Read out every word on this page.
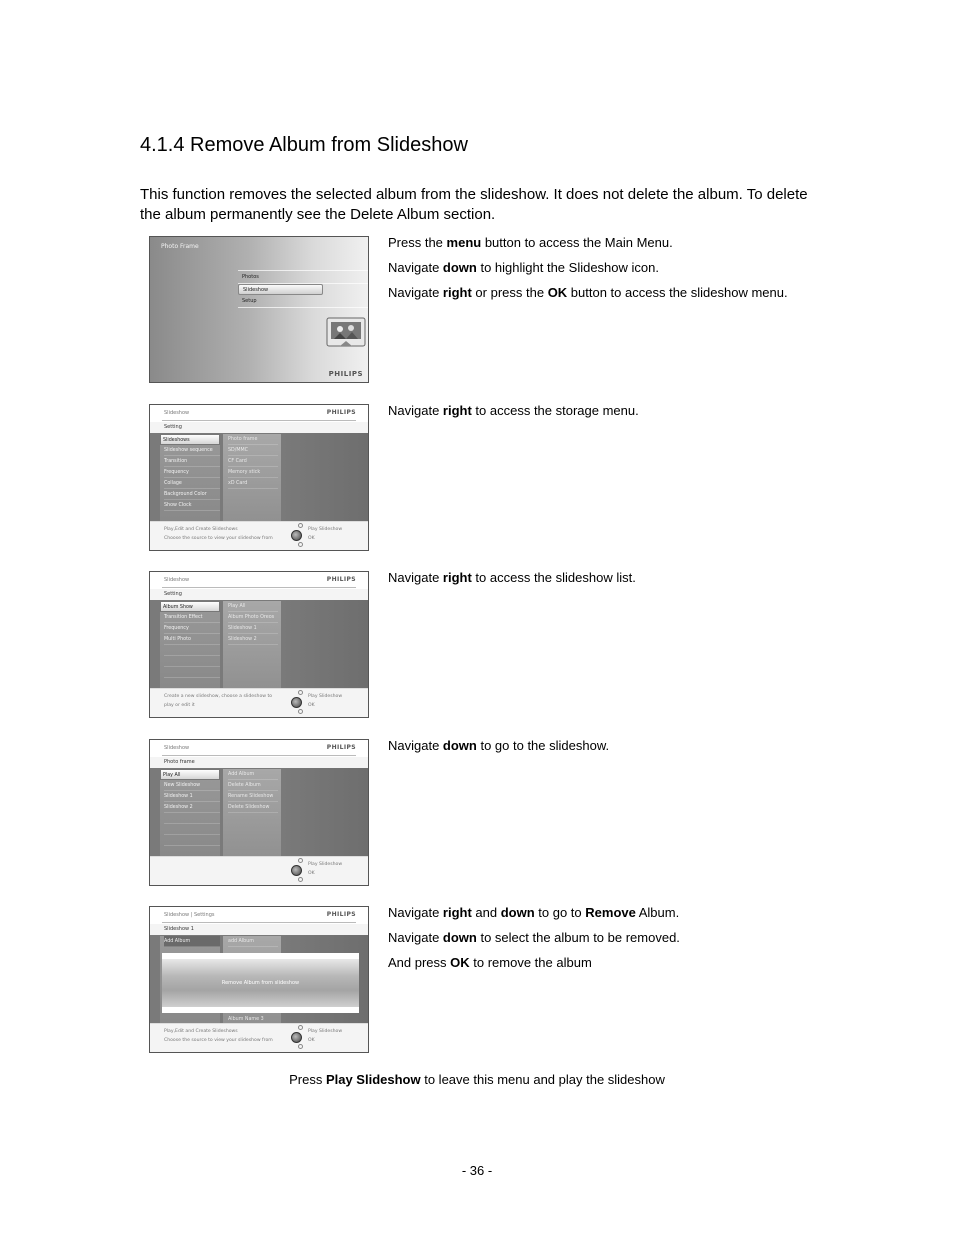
4.1.4 Remove Album from Slideshow

This function removes the selected album from the slideshow. It does not delete the album. To delete the album permanently see the Delete Album section.

Photo Frame
Photos
Slideshow
Setup
PHILIPS
Slideshow	PHILIPS
Setting
Slideshows
Slideshow sequence
Transition
Frequency
Collage
Background Color
Show Clock
Photo frame
SD/MMC
CF Card
Memory stick
xD Card
Play,Edit and Create Slideshows
Choose the source to view your slideshow from
Play Slideshow
OK
Slideshow	PHILIPS
Setting
Album Show
Transition Effect
Frequency
Multi Photo
Play All
Album Photo Oreos
Slideshow 1
Slideshow 2
Create a new slideshow, choose a slideshow to
play or edit it
Play Slideshow
OK
Slideshow	PHILIPS
Photo frame
Play All
New Slideshow
Slideshow 1
Slideshow 2
Add Album
Delete Album
Rename Slideshow
Delete Slideshow
Play Slideshow
OK
Slideshow | Settings	PHILIPS
Slideshow 1
Add Album	add Album
Album Name 3
Remove Album from slideshow
Play,Edit and Create Slideshows
Choose the source to view your slideshow from
Play Slideshow
OK

Press the menu button to access the Main Menu.

Navigate down to highlight the Slideshow icon.

Navigate right or press the OK button to access the slideshow menu.

Navigate right to access the storage menu.

Navigate right to access the slideshow list.

Navigate down to go to the slideshow.

Navigate right and down to go to Remove Album.

Navigate down to select the album to be removed.

And press OK to remove the album

Press Play Slideshow to leave this menu and play the slideshow
- 36 -
